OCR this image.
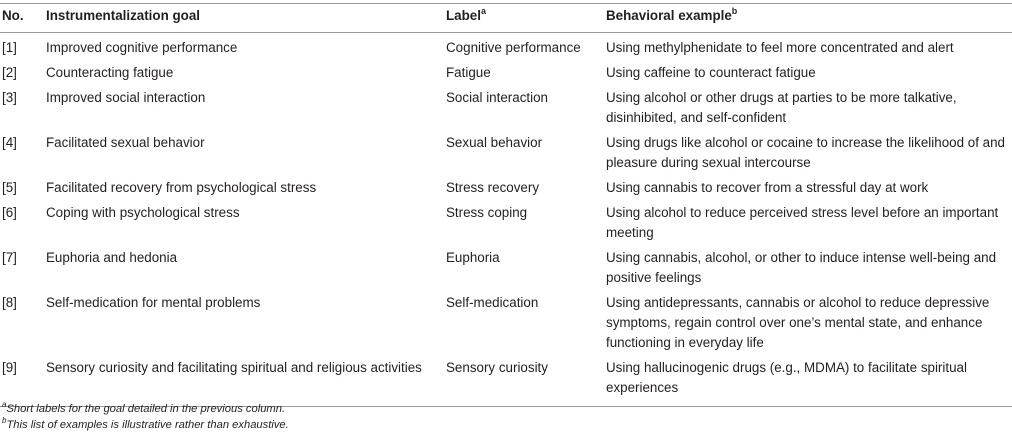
No.	Instrumentalization goal	Label$^a$	Behavioral example$^b$
[1]	Improved cognitive performance	Cognitive performance	Using methylphenidate to feel more concentrated and alert
[2]	Counteracting fatigue	Fatigue	Using caffeine to counteract fatigue
[3]	Improved social interaction	Social interaction	Using alcohol or other drugs at parties to be more talkative, disinhibited, and self-confident
[4]	Facilitated sexual behavior	Sexual behavior	Using drugs like alcohol or cocaine to increase the likelihood of and pleasure during sexual intercourse
[5]	Facilitated recovery from psychological stress	Stress recovery	Using cannabis to recover from a stressful day at work
[6]	Coping with psychological stress	Stress coping	Using alcohol to reduce perceived stress level before an important meeting
[7]	Euphoria and hedonia	Euphoria	Using cannabis, alcohol, or other to induce intense well-being and positive feelings
[8]	Self-medication for mental problems	Self-medication	Using antidepressants, cannabis or alcohol to reduce depressive symptoms, regain control over one’s mental state, and enhance functioning in everyday life
[9]	Sensory curiosity and facilitating spiritual and religious activities	Sensory curiosity	Using hallucinogenic drugs (e.g., MDMA) to facilitate spiritual experiences
$^a$Short labels for the goal detailed in the previous column.
$^b$This list of examples is illustrative rather than exhaustive.
